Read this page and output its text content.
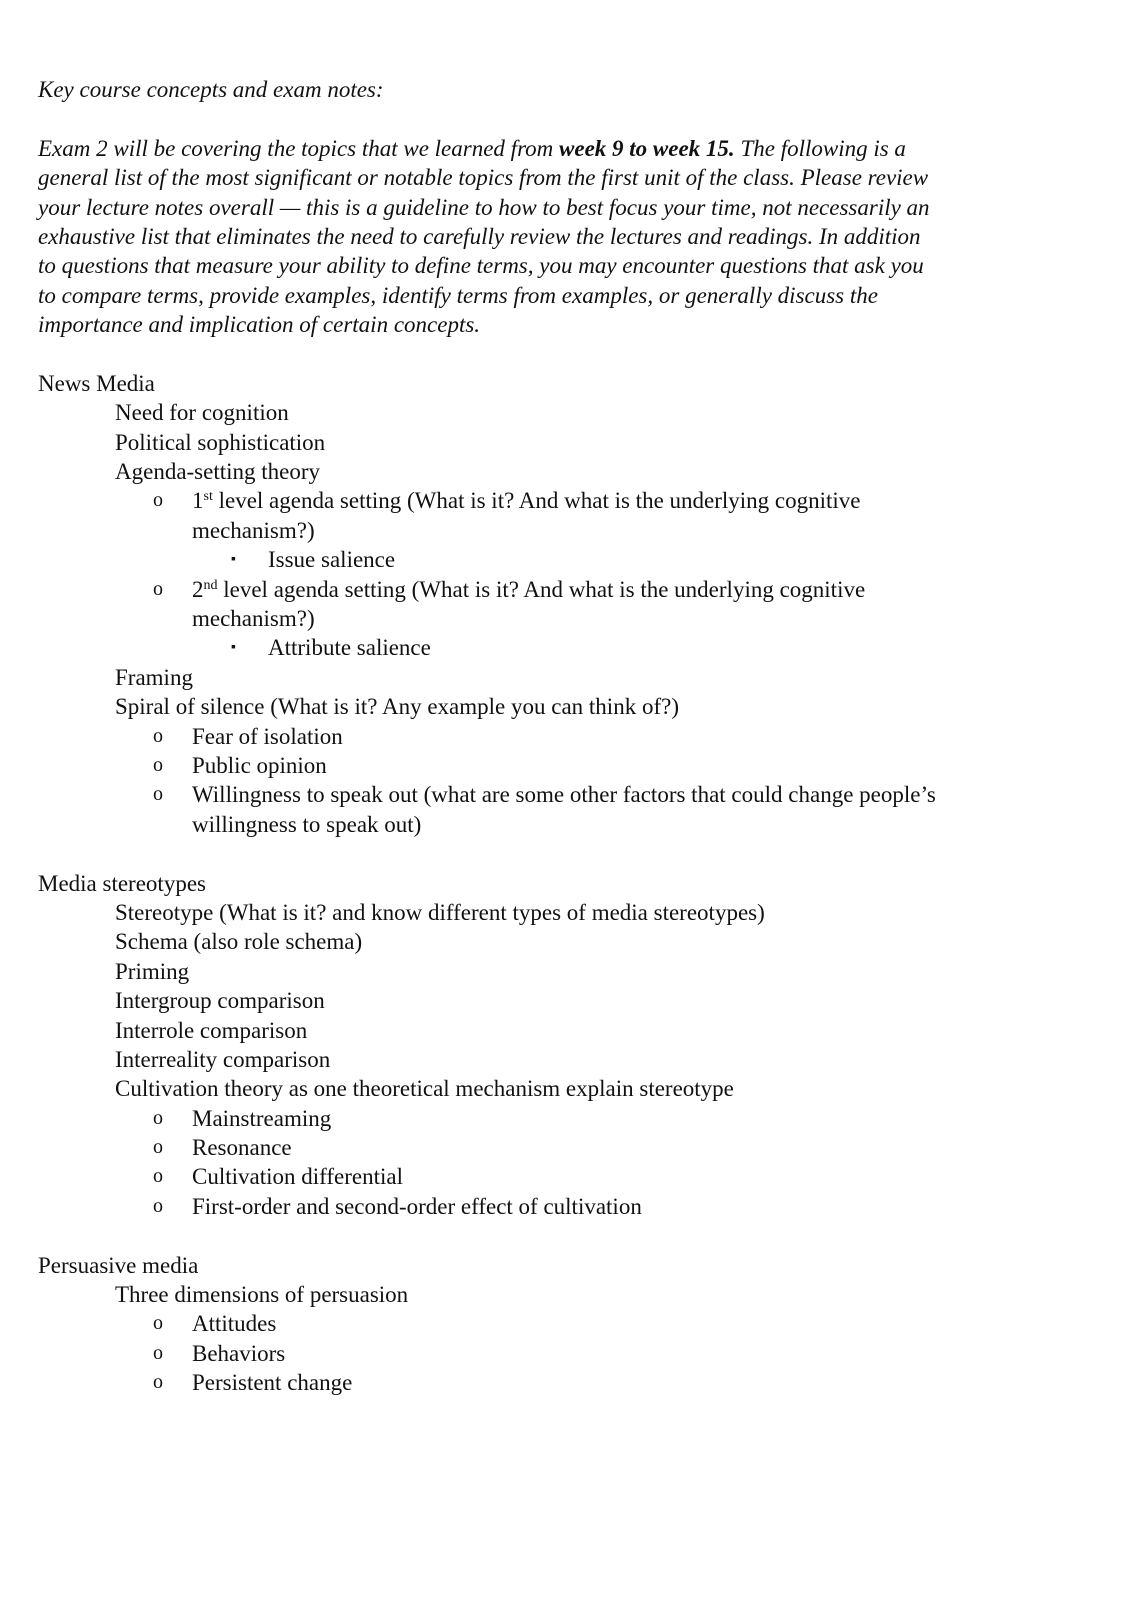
Key course concepts and exam notes:
Exam 2 will be covering the topics that we learned from week 9 to week 15. The following is a
general list of the most significant or notable topics from the first unit of the class. Please review
your lecture notes overall — this is a guideline to how to best focus your time, not necessarily an
exhaustive list that eliminates the need to carefully review the lectures and readings. In addition
to questions that measure your ability to define terms, you may encounter questions that ask you
to compare terms, provide examples, identify terms from examples, or generally discuss the
importance and implication of certain concepts.
News Media
Need for cognition
Political sophistication
Agenda-setting theory
o 1st level agenda setting (What is it? And what is the underlying cognitive
mechanism?)
▪ Issue salience
o 2nd level agenda setting (What is it? And what is the underlying cognitive
mechanism?)
▪ Attribute salience
Framing
Spiral of silence (What is it? Any example you can think of?)
o Fear of isolation
o Public opinion
o Willingness to speak out (what are some other factors that could change people’s
willingness to speak out)
Media stereotypes
Stereotype (What is it? and know different types of media stereotypes)
Schema (also role schema)
Priming
Intergroup comparison
Interrole comparison
Interreality comparison
Cultivation theory as one theoretical mechanism explain stereotype
o Mainstreaming
o Resonance
o Cultivation differential
o First-order and second-order effect of cultivation
Persuasive media
Three dimensions of persuasion
o Attitudes
o Behaviors
o Persistent change
